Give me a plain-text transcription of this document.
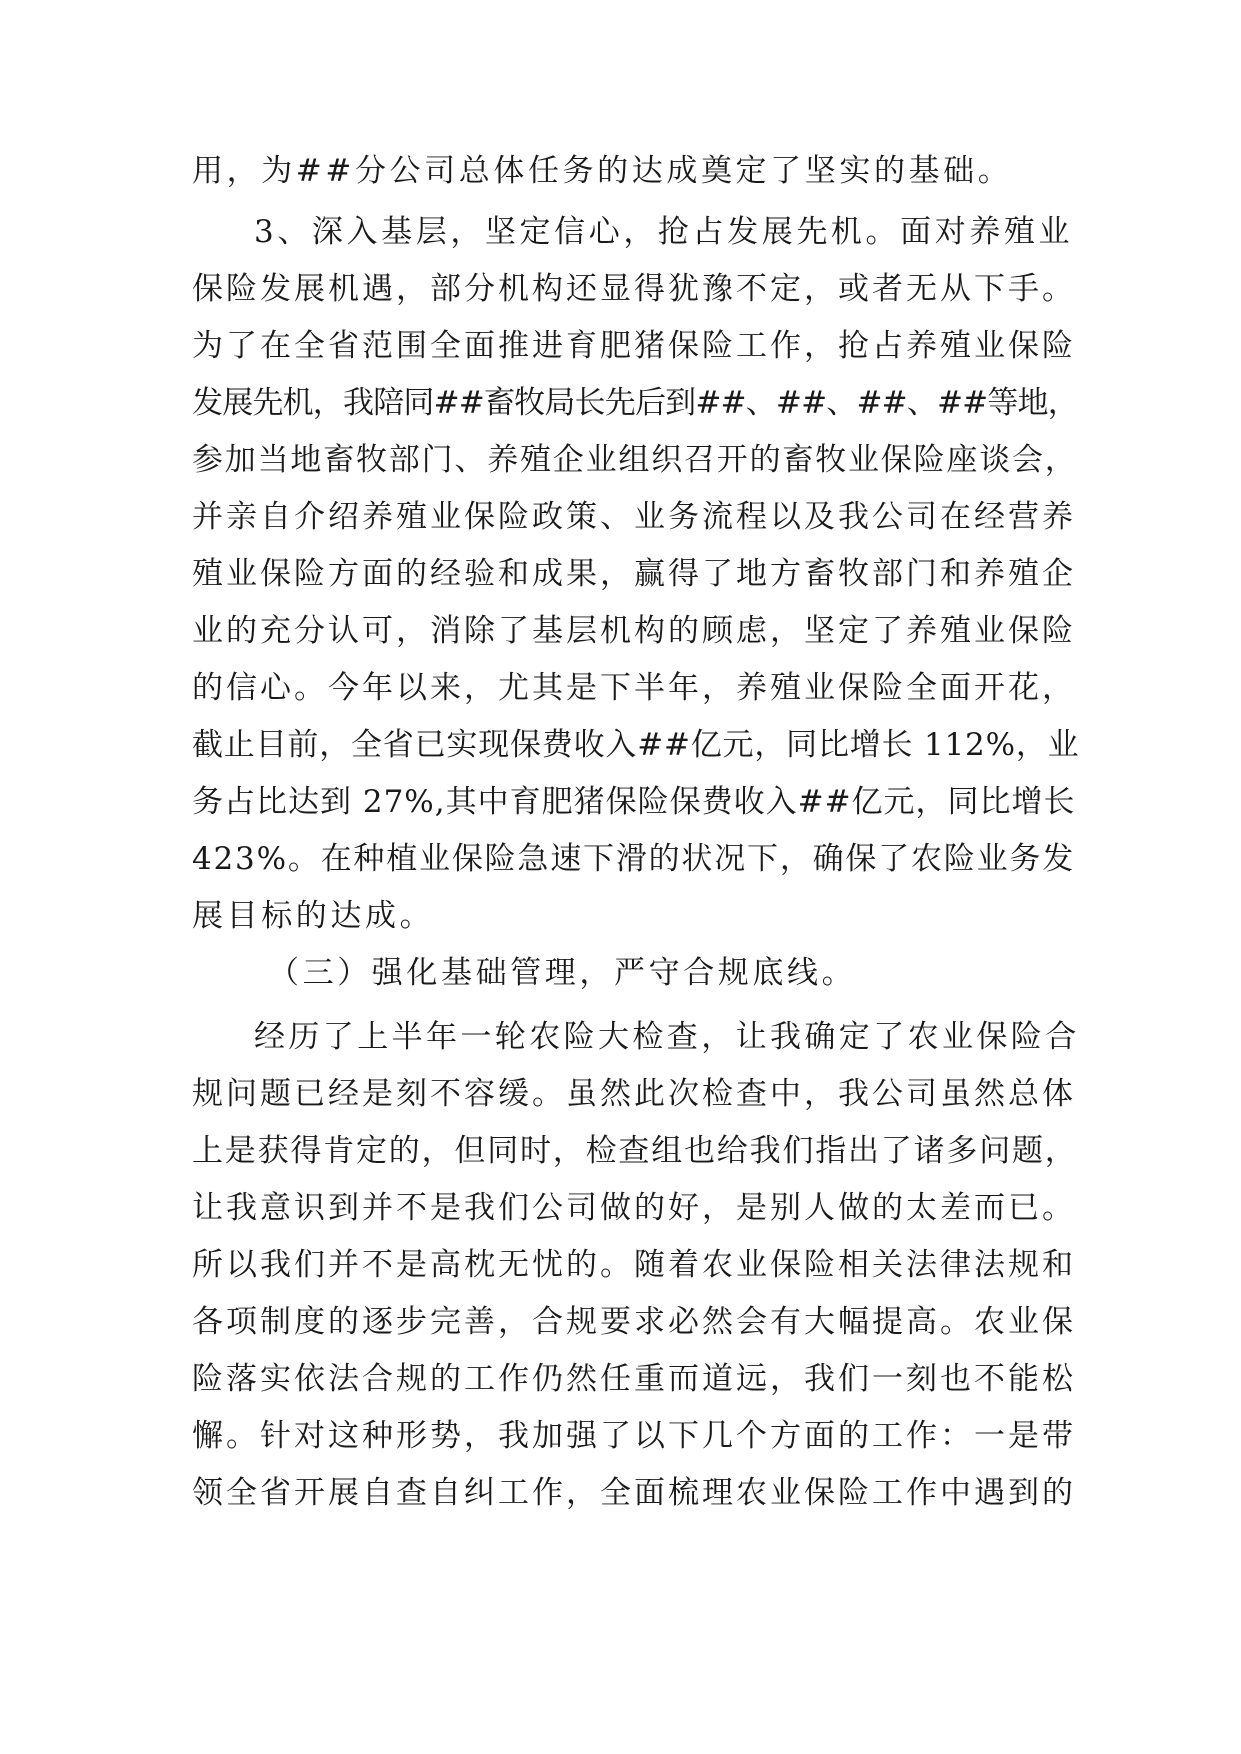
用，为##分公司总体任务的达成奠定了坚实的基础。

3、深入基层，坚定信心，抢占发展先机。面对养殖业

保险发展机遇，部分机构还显得犹豫不定，或者无从下手。

为了在全省范围全面推进育肥猪保险工作，抢占养殖业保险

发展先机，我陪同##畜牧局长先后到##、##、##、##等地，

参加当地畜牧部门、养殖企业组织召开的畜牧业保险座谈会，

并亲自介绍养殖业保险政策、业务流程以及我公司在经营养

殖业保险方面的经验和成果，赢得了地方畜牧部门和养殖企

业的充分认可，消除了基层机构的顾虑，坚定了养殖业保险

的信心。今年以来，尤其是下半年，养殖业保险全面开花，

截止目前，全省已实现保费收入##亿元，同比增长 112%，业

务占比达到 27%,其中育肥猪保险保费收入##亿元，同比增长

423%。在种植业保险急速下滑的状况下，确保了农险业务发

展目标的达成。

（三）强化基础管理，严守合规底线。

经历了上半年一轮农险大检查，让我确定了农业保险合

规问题已经是刻不容缓。虽然此次检查中，我公司虽然总体

上是获得肯定的，但同时，检查组也给我们指出了诸多问题，

让我意识到并不是我们公司做的好，是别人做的太差而已。

所以我们并不是高枕无忧的。随着农业保险相关法律法规和

各项制度的逐步完善，合规要求必然会有大幅提高。农业保

险落实依法合规的工作仍然任重而道远，我们一刻也不能松

懈。针对这种形势，我加强了以下几个方面的工作：一是带

领全省开展自查自纠工作，全面梳理农业保险工作中遇到的
